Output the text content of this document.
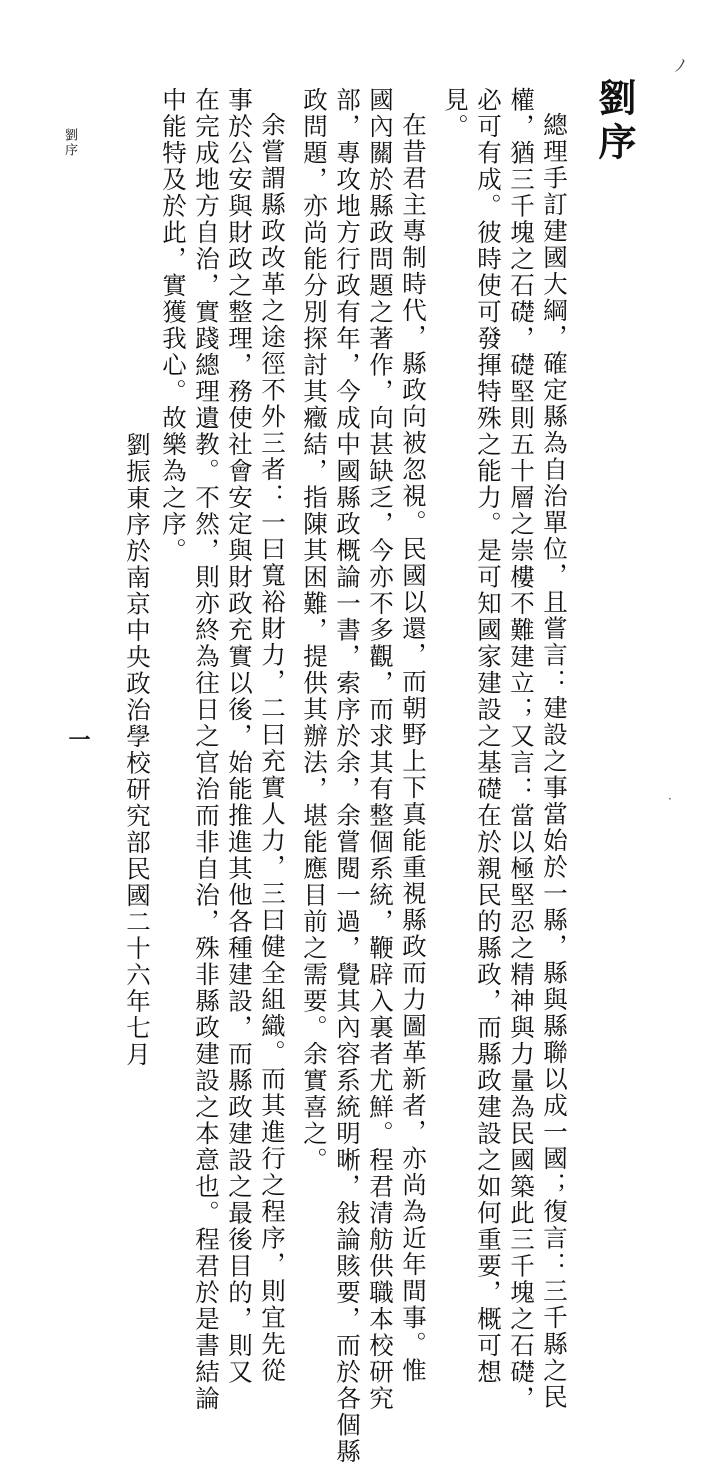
劉序
總理手訂建國大綱，確定縣為自治單位，且嘗言：建設之事當始於一縣，縣與縣聯以成一國；復言：三千縣之民
權，猶三千塊之石礎，礎堅則五十層之崇樓不難建立；又言：當以極堅忍之精神與力量為民國築此三千塊之石礎，
必可有成。彼時使可發揮特殊之能力。是可知國家建設之基礎在於親民的縣政，而縣政建設之如何重要，概可想
見。
在昔君主專制時代，縣政向被忽視。民國以還，而朝野上下真能重視縣政而力圖革新者，亦尚為近年間事。惟
國內關於縣政問題之著作，向甚缺乏，今亦不多觀，而求其有整個系統，鞭辟入裏者尤鮮。程君清舫供職本校研究
部，專攻地方行政有年，今成中國縣政概論一書，索序於余，余嘗閱一過，覺其內容系統明晰，敍論賅要，而於各個縣
政問題，亦尚能分別探討其癥結，指陳其困難，提供其辦法，堪能應目前之需要。余實喜之。
余嘗謂縣政改革之途徑不外三者：一曰寬裕財力，二曰充實人力，三曰健全組織。而其進行之程序，則宜先從
事於公安與財政之整理，務使社會安定與財政充實以後，始能推進其他各種建設，而縣政建設之最後目的，則又
在完成地方自治，實踐總理遺教。不然，則亦終為往日之官治而非自治，殊非縣政建設之本意也。程君於是書結論
中能特及於此，實獲我心。故樂為之序。
劉振東序於南京中央政治學校研究部民國二十六年七月
劉序
一
ﾉ
·
